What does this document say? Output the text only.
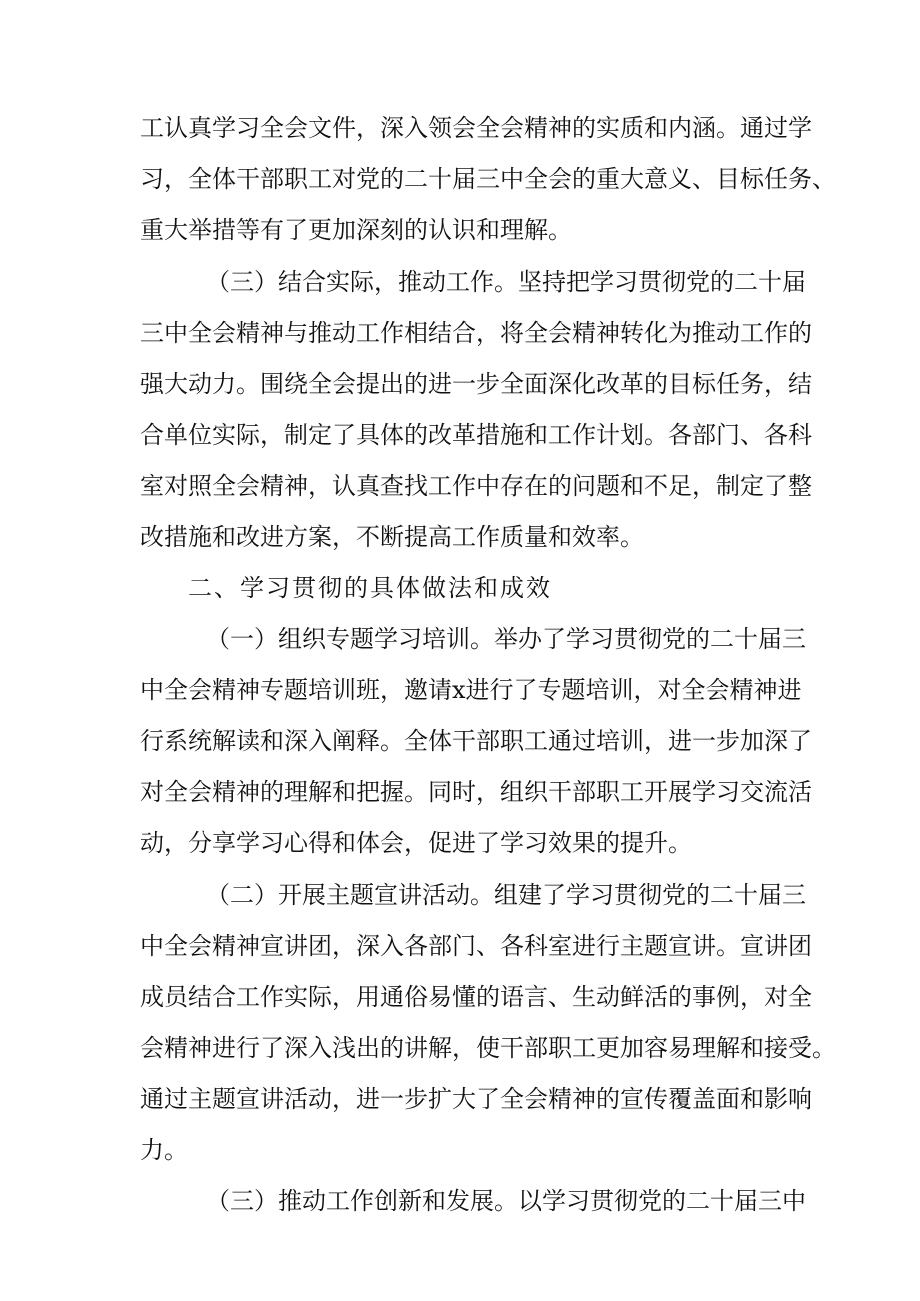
工认真学习全会文件，深入领会全会精神的实质和内涵。通过学
习，全体干部职工对党的二十届三中全会的重大意义、目标任务、
重大举措等有了更加深刻的认识和理解。
（三）结合实际，推动工作。坚持把学习贯彻党的二十届
三中全会精神与推动工作相结合，将全会精神转化为推动工作的
强大动力。围绕全会提出的进一步全面深化改革的目标任务，结
合单位实际，制定了具体的改革措施和工作计划。各部门、各科
室对照全会精神，认真查找工作中存在的问题和不足，制定了整
改措施和改进方案，不断提高工作质量和效率。
二、学习贯彻的具体做法和成效
（一）组织专题学习培训。举办了学习贯彻党的二十届三
中全会精神专题培训班，邀请x进行了专题培训，对全会精神进
行系统解读和深入阐释。全体干部职工通过培训，进一步加深了
对全会精神的理解和把握。同时，组织干部职工开展学习交流活
动，分享学习心得和体会，促进了学习效果的提升。
（二）开展主题宣讲活动。组建了学习贯彻党的二十届三
中全会精神宣讲团，深入各部门、各科室进行主题宣讲。宣讲团
成员结合工作实际，用通俗易懂的语言、生动鲜活的事例，对全
会精神进行了深入浅出的讲解，使干部职工更加容易理解和接受。
通过主题宣讲活动，进一步扩大了全会精神的宣传覆盖面和影响
力。
（三）推动工作创新和发展。以学习贯彻党的二十届三中
